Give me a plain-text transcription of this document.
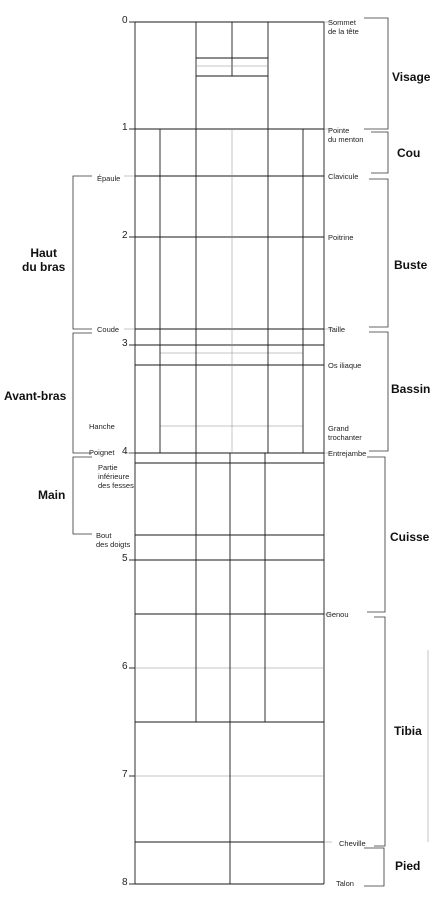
0
1
2
3
4
5
6
7
8
Sommet
de la tête
Pointe
du menton
Clavicule
Poitrine
Taille
Os iliaque
Grand
trochanter
Entrejambe
Genou
Cheville
Talon
Épaule
Coude
Hanche
Poignet
Partie
inférieure
des fesses
Bout
des doigts
Visage
Cou
Buste
Bassin
Cuisse
Tibia
Pied
Haut
du bras
Avant-bras
Main
